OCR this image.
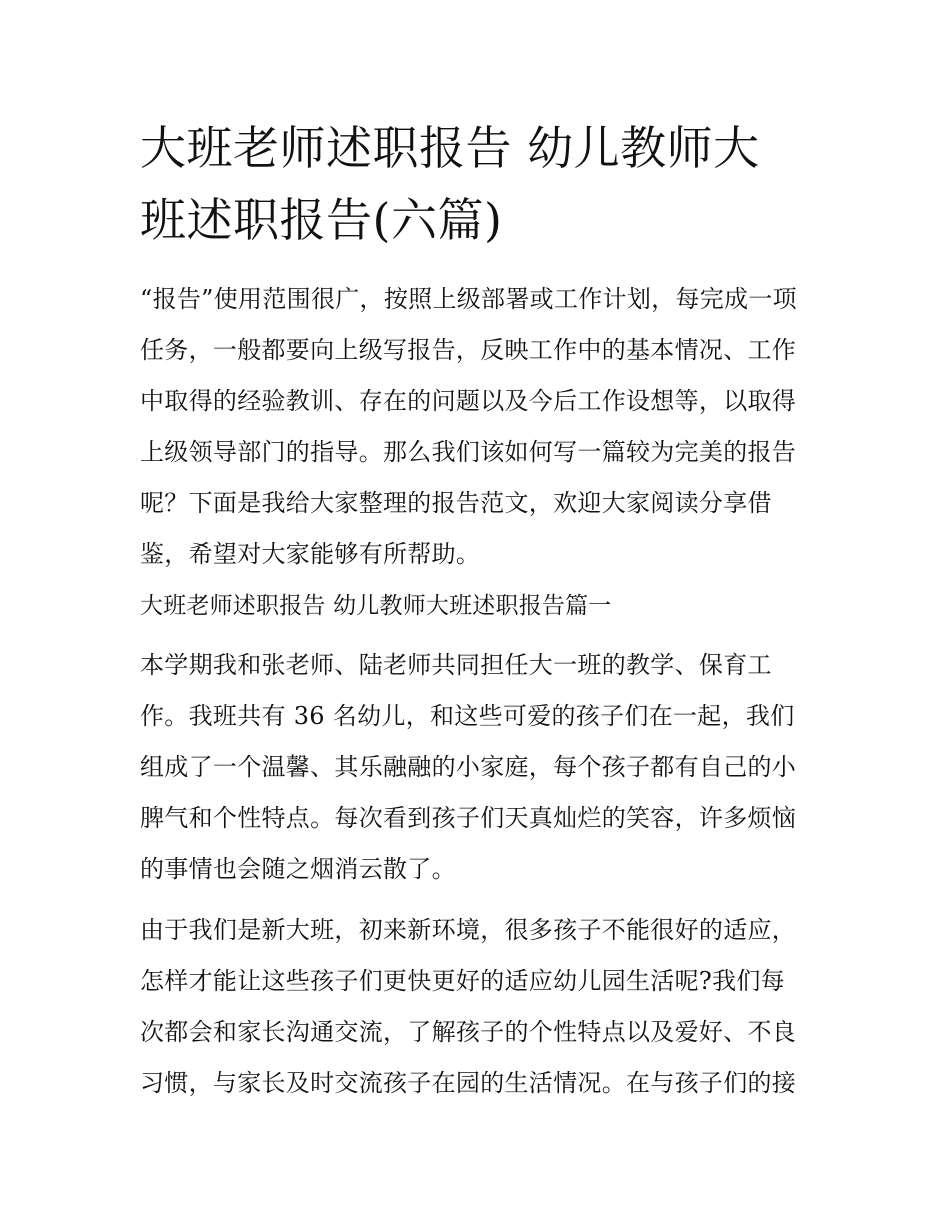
大班老师述职报告 幼儿教师大
班述职报告(六篇)

“报告”使用范围很广，按照上级部署或工作计划，每完成一项
任务，一般都要向上级写报告，反映工作中的基本情况、工作
中取得的经验教训、存在的问题以及今后工作设想等，以取得
上级领导部门的指导。那么我们该如何写一篇较为完美的报告
呢？下面是我给大家整理的报告范文，欢迎大家阅读分享借
鉴，希望对大家能够有所帮助。

大班老师述职报告 幼儿教师大班述职报告篇一

本学期我和张老师、陆老师共同担任大一班的教学、保育工
作。我班共有 36 名幼儿，和这些可爱的孩子们在一起，我们
组成了一个温馨、其乐融融的小家庭，每个孩子都有自己的小
脾气和个性特点。每次看到孩子们天真灿烂的笑容，许多烦恼
的事情也会随之烟消云散了。

由于我们是新大班，初来新环境，很多孩子不能很好的适应，
怎样才能让这些孩子们更快更好的适应幼儿园生活呢?我们每
次都会和家长沟通交流，了解孩子的个性特点以及爱好、不良
习惯，与家长及时交流孩子在园的生活情况。在与孩子们的接
